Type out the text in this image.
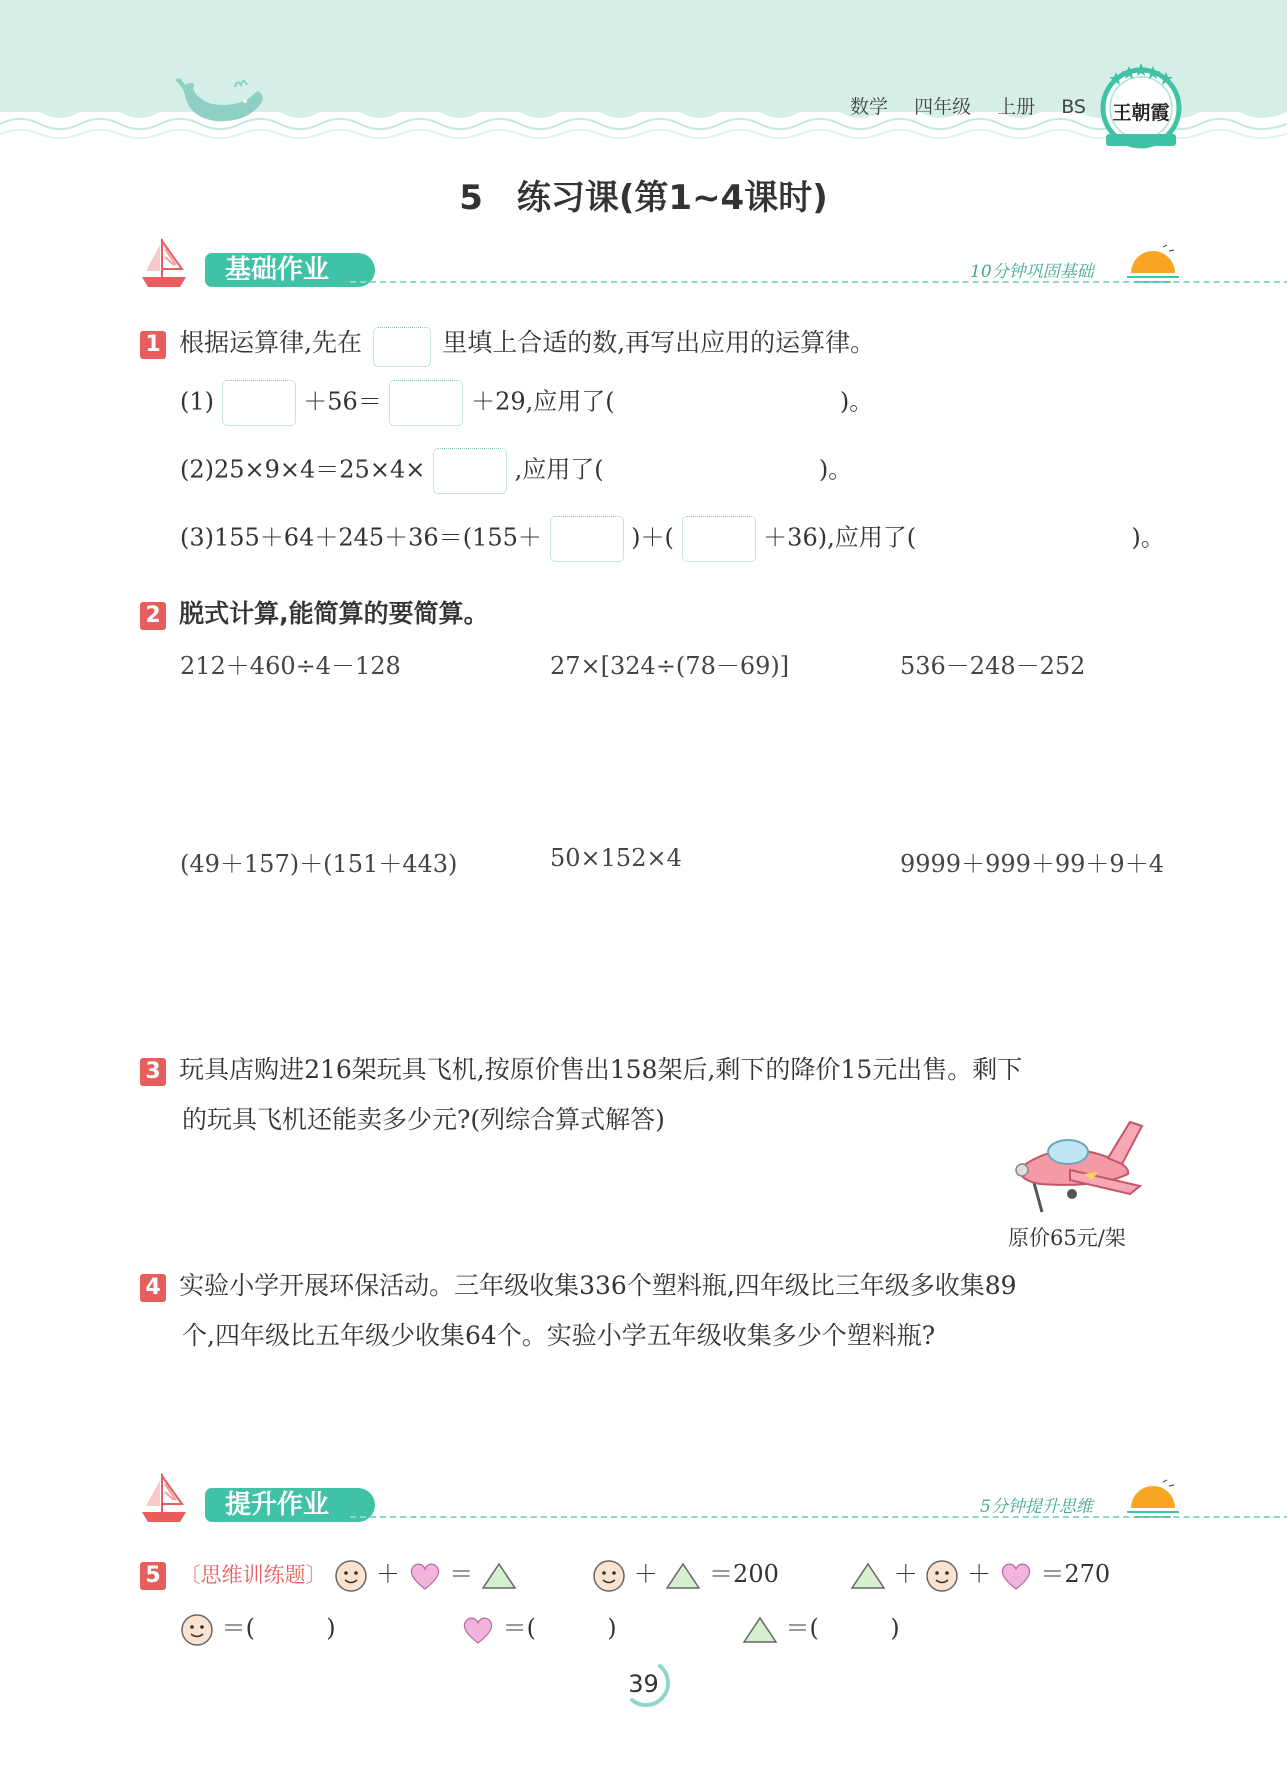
数学 四年级 上册 BS	王朝霞
5　练习课(第1~4课时)
基础作业	10分钟巩固基础
1 根据运算律,先在	里填上合适的数,再写出应用的运算律。
(1)	＋56＝	＋29,应用了(	)。
(2)25×9×4＝25×4×	,应用了(	)。
(3)155＋64＋245＋36＝(155＋	)＋(	＋36),应用了(	)。
2 脱式计算,能简算的要简算。
212＋460÷4－128	27×[324÷(78－69)]	536－248－252
(49＋157)＋(151＋443)	50×152×4	9999＋999＋99＋9＋4
3 玩具店购进216架玩具飞机,按原价售出158架后,剩下的降价15元出售。剩下
的玩具飞机还能卖多少元?(列综合算式解答)
原价65元/架
4 实验小学开展环保活动。三年级收集336个塑料瓶,四年级比三年级多收集89
个,四年级比五年级少收集64个。实验小学五年级收集多少个塑料瓶?
提升作业	5分钟提升思维
5 〔思维训练题〕 ＋ ＝	＋ ＝200	＋ ＋ ＝270
＝(	)	＝(	)	＝(	)
39
